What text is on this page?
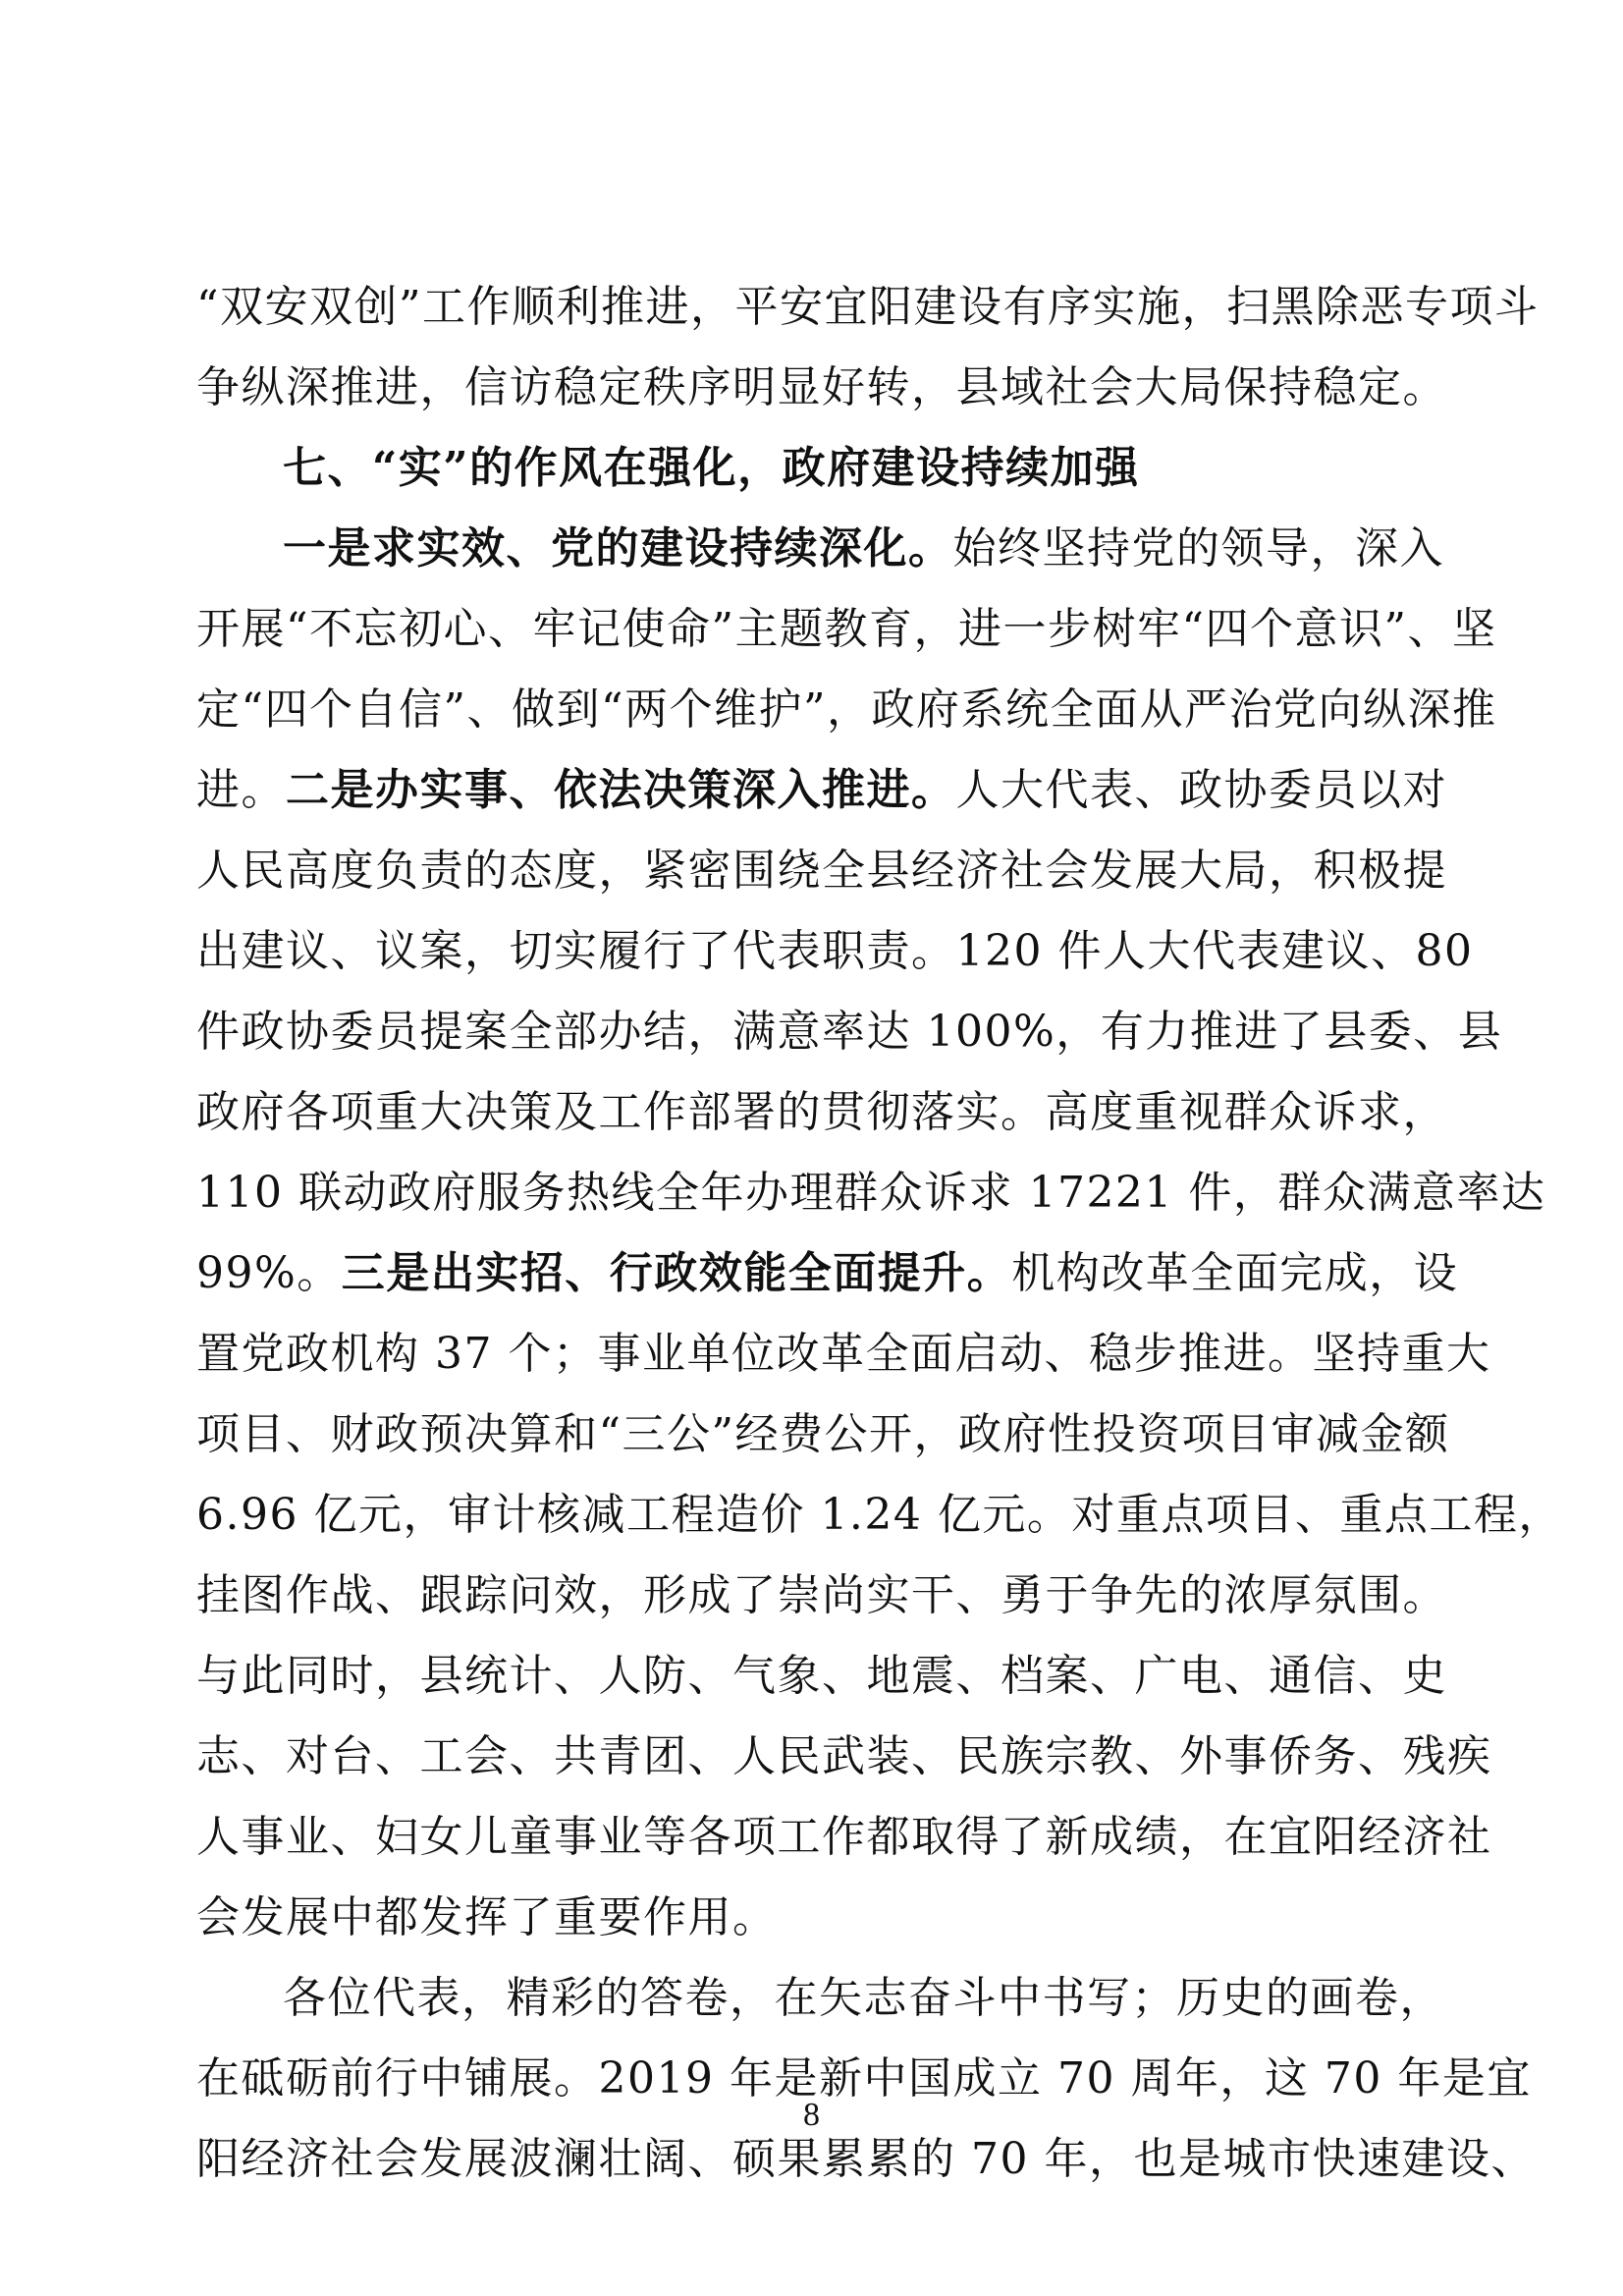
“双安双创”工作顺利推进，平安宜阳建设有序实施，扫黑除恶专项斗
争纵深推进，信访稳定秩序明显好转，县域社会大局保持稳定。
七、“实”的作风在强化，政府建设持续加强
一是求实效、党的建设持续深化。始终坚持党的领导，深入
开展“不忘初心、牢记使命”主题教育，进一步树牢“四个意识”、坚
定“四个自信”、做到“两个维护”，政府系统全面从严治党向纵深推
进。二是办实事、依法决策深入推进。人大代表、政协委员以对
人民高度负责的态度，紧密围绕全县经济社会发展大局，积极提
出建议、议案，切实履行了代表职责。120 件人大代表建议、80
件政协委员提案全部办结，满意率达 100%，有力推进了县委、县
政府各项重大决策及工作部署的贯彻落实。高度重视群众诉求，
110 联动政府服务热线全年办理群众诉求 17221 件，群众满意率达
99%。三是出实招、行政效能全面提升。机构改革全面完成，设
置党政机构 37 个；事业单位改革全面启动、稳步推进。坚持重大
项目、财政预决算和“三公”经费公开，政府性投资项目审减金额
6.96 亿元，审计核减工程造价 1.24 亿元。对重点项目、重点工程，
挂图作战、跟踪问效，形成了崇尚实干、勇于争先的浓厚氛围。
与此同时，县统计、人防、气象、地震、档案、广电、通信、史
志、对台、工会、共青团、人民武装、民族宗教、外事侨务、残疾
人事业、妇女儿童事业等各项工作都取得了新成绩，在宜阳经济社
会发展中都发挥了重要作用。
各位代表，精彩的答卷，在矢志奋斗中书写；历史的画卷，
在砥砺前行中铺展。2019 年是新中国成立 70 周年，这 70 年是宜
阳经济社会发展波澜壮阔、硕果累累的 70 年，也是城市快速建设、
8
